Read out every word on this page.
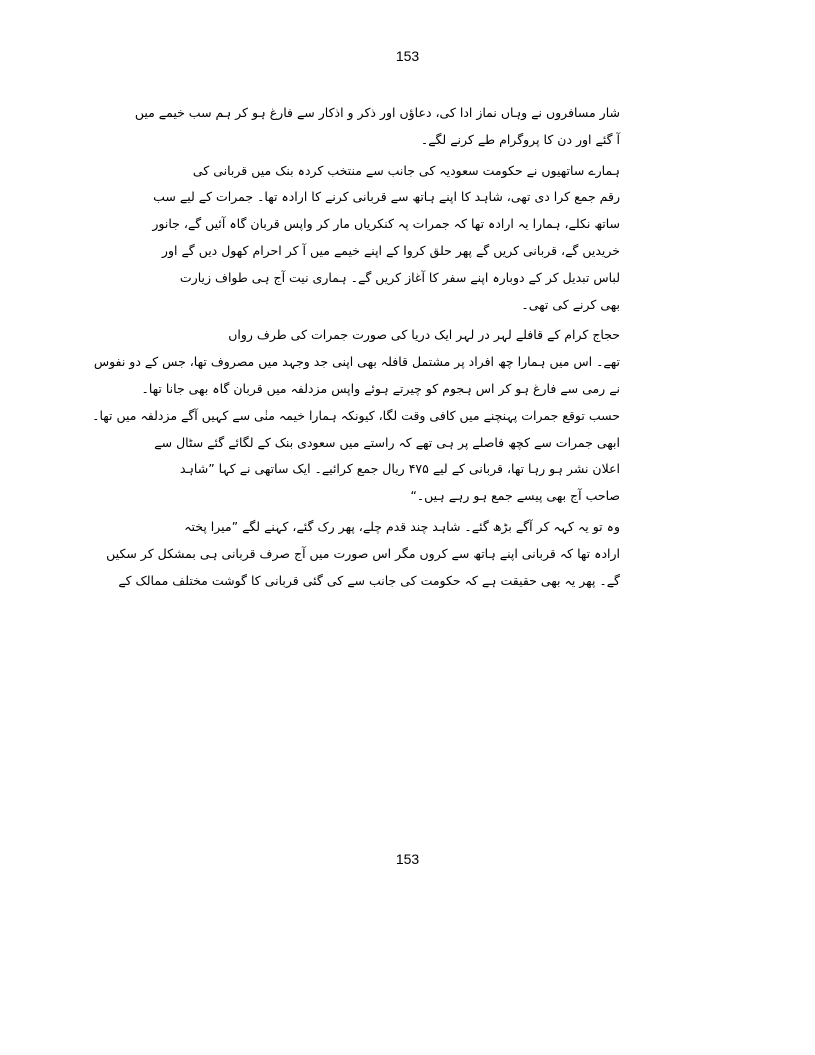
153
شار مسافروں نے وہاں نماز ادا کی، دعاؤں اور ذکر و اذکار سے فارغ ہو کر ہم سب خیمے میں
آ گئے اور دن کا پروگرام طے کرنے لگے۔
ہمارے ساتھیوں نے حکومت سعودیہ کی جانب سے منتخب کردہ بنک میں قربانی کی
رقم جمع کرا دی تھی، شاہد کا اپنے ہاتھ سے قربانی کرنے کا ارادہ تھا۔ جمرات کے لیے سب
ساتھ نکلے، ہمارا یہ ارادہ تھا کہ جمرات پہ کنکریاں مار کر واپس قربان گاہ آئیں گے، جانور
خریدیں گے، قربانی کریں گے پھر حلق کروا کے اپنے خیمے میں آ کر احرام کھول دیں گے اور
لباس تبدیل کر کے دوبارہ اپنے سفر کا آغاز کریں گے۔ ہماری نیت آج ہی طواف زیارت
بھی کرنے کی تھی۔
حجاج کرام کے قافلے لہر در لہر ایک دریا کی صورت جمرات کی طرف رواں
تھے۔ اس میں ہمارا چھ افراد پر مشتمل قافلہ بھی اپنی جد وجہد میں مصروف تھا، جس کے دو نفوس
نے رمی سے فارغ ہو کر اس ہجوم کو چیرتے ہوئے واپس مزدلفہ میں قربان گاہ بھی جانا تھا۔
حسب توقع جمرات پہنچنے میں کافی وقت لگا، کیونکہ ہمارا خیمہ منٰی سے کہیں آگے مزدلفہ میں تھا۔
ابھی جمرات سے کچھ فاصلے پر ہی تھے کہ راستے میں سعودی بنک کے لگائے گئے سٹال سے
اعلان نشر ہو رہا تھا، قربانی کے لیے ۴۷۵ ریال جمع کرائیے۔ ایک ساتھی نے کہا ”شاہد
صاحب آج بھی پیسے جمع ہو رہے ہیں۔“
وہ تو یہ کہہ کر آگے بڑھ گئے۔ شاہد چند قدم چلے، پھر رک گئے، کہنے لگے ”میرا پختہ
ارادہ تھا کہ قربانی اپنے ہاتھ سے کروں مگر اس صورت میں آج صرف قربانی ہی بمشکل کر سکیں
گے۔ پھر یہ بھی حقیقت ہے کہ حکومت کی جانب سے کی گئی قربانی کا گوشت مختلف ممالک کے
153
